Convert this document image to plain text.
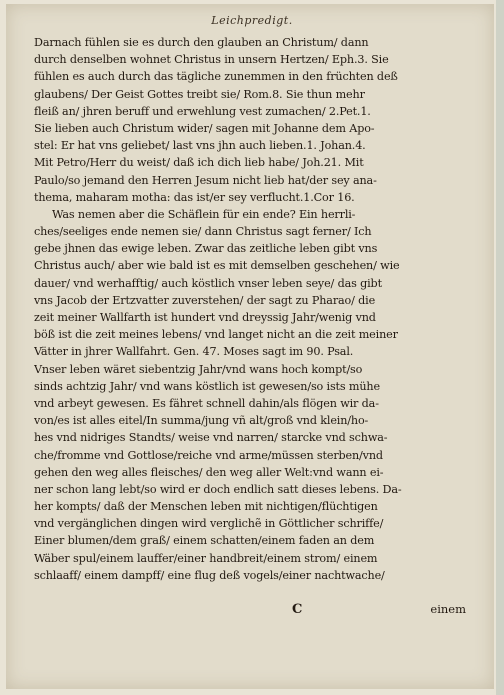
Leichpredigt.
Darnach fühlen sie es durch den glauben an Christum/ dann
durch denselben wohnet Christus in unsern Hertzen/ Eph.3. Sie
fühlen es auch durch das tägliche zunemmen in den früchten deß
glaubens/ Der Geist Gottes treibt sie/ Rom.8. Sie thun mehr
fleiß an/ jhren beruff und erwehlung vest zumachen/ 2.Pet.1.
Sie lieben auch Christum wider/ sagen mit Johanne dem Apo-
stel: Er hat vns geliebet/ last vns jhn auch lieben.1. Johan.4.
Mit Petro/Herr du weist/ daß ich dich lieb habe/ Joh.21. Mit
Paulo/so jemand den Herren Jesum nicht lieb hat/der sey ana-
thema, maharam motha: das ist/er sey verflucht.1.Cor 16.
Was nemen aber die Schäflein für ein ende? Ein herrli-
ches/seeliges ende nemen sie/ dann Christus sagt ferner/ Ich
gebe jhnen das ewige leben. Zwar das zeitliche leben gibt vns
Christus auch/ aber wie bald ist es mit demselben geschehen/ wie
dauer/ vnd werhafftig/ auch köstlich vnser leben seye/ das gibt
vns Jacob der Ertzvatter zuverstehen/ der sagt zu Pharao/ die
zeit meiner Wallfarth ist hundert vnd dreyssig Jahr/wenig vnd
böß ist die zeit meines lebens/ vnd langet nicht an die zeit meiner
Vätter in jhrer Wallfahrt. Gen. 47. Moses sagt im 90. Psal.
Vnser leben wäret siebentzig Jahr/vnd wans hoch kompt/so
sinds achtzig Jahr/ vnd wans köstlich ist gewesen/so ists mühe
vnd arbeyt gewesen. Es fähret schnell dahin/als flögen wir da-
von/es ist alles eitel/In summa/jung vñ alt/groß vnd klein/ho-
hes vnd nidriges Standts/ weise vnd narren/ starcke vnd schwa-
che/fromme vnd Gottlose/reiche vnd arme/müssen sterben/vnd
gehen den weg alles fleisches/ den weg aller Welt:vnd wann ei-
ner schon lang lebt/so wird er doch endlich satt dieses lebens. Da-
her kompts/ daß der Menschen leben mit nichtigen/flüchtigen
vnd vergänglichen dingen wird verglichẽ in Göttlicher schriffe/
Einer blumen/dem graß/ einem schatten/einem faden an dem
Wäber spul/einem lauffer/einer handbreit/einem strom/ einem
schlaaff/ einem dampff/ eine flug deß vogels/einer nachtwache/
C	einem
